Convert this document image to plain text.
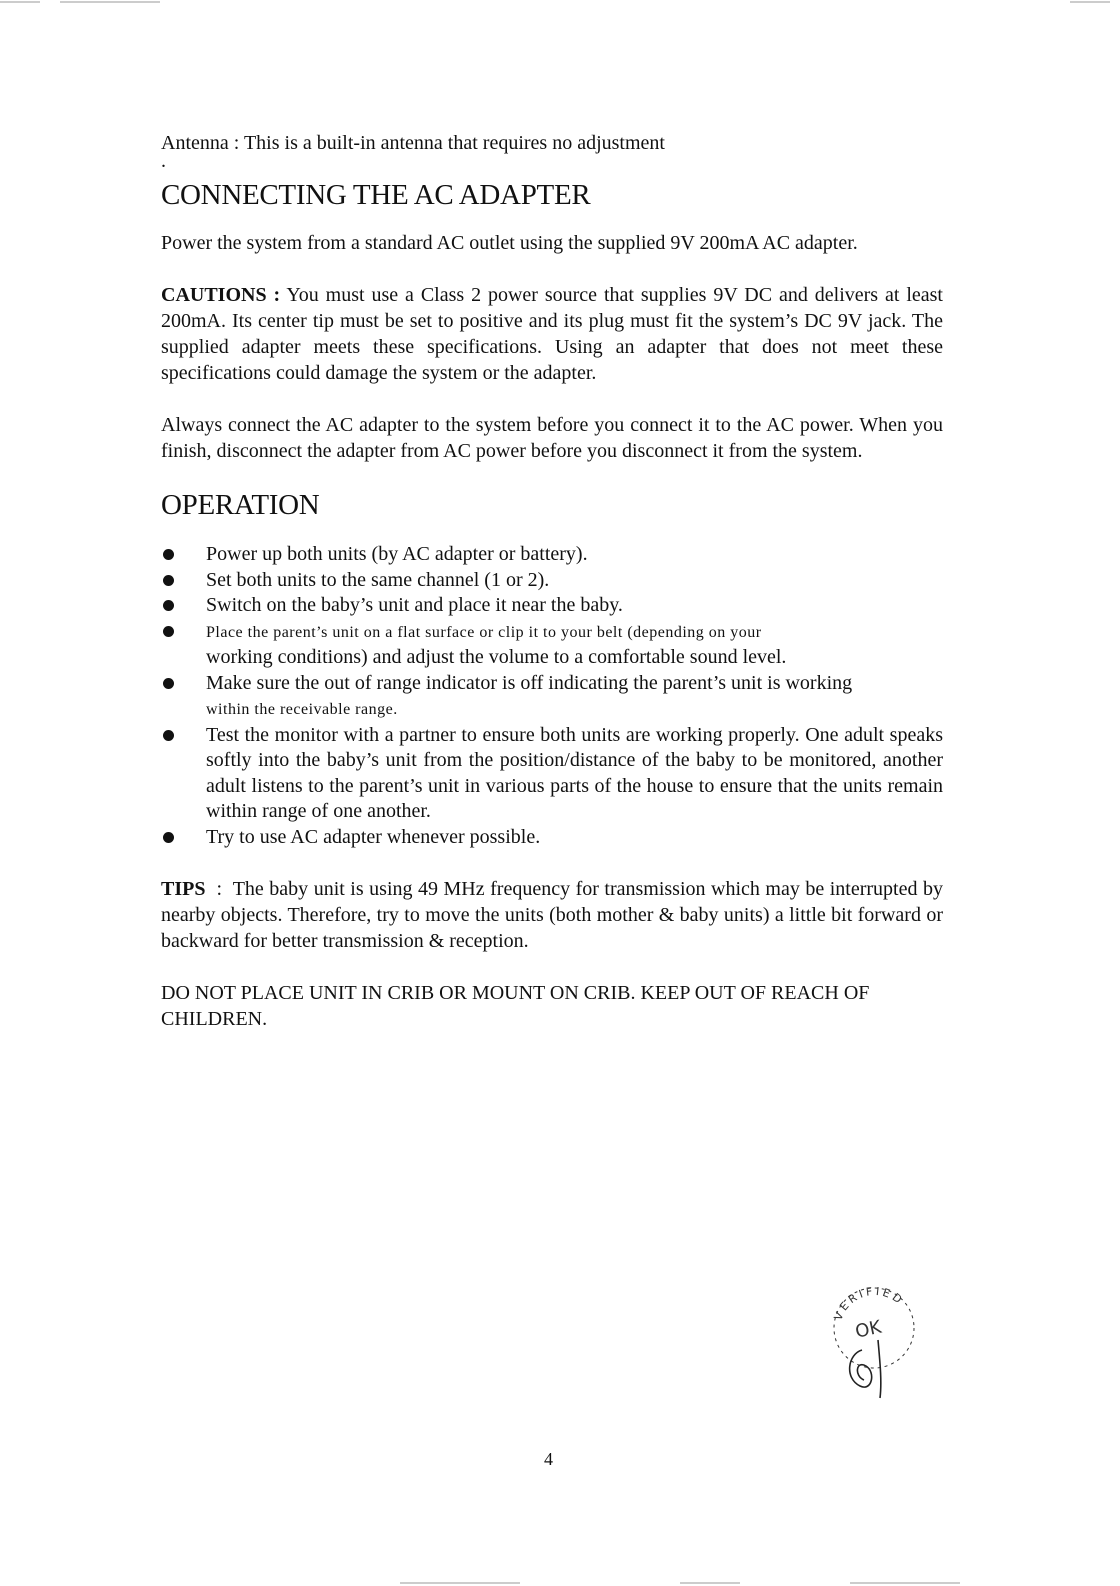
Antenna : This is a built-in antenna that requires no adjustment

.

CONNECTING THE AC ADAPTER

Power the system from a standard AC outlet using the supplied 9V 200mA AC adapter.

CAUTIONS : You must use a Class 2 power source that supplies 9V DC and delivers at least 200mA. Its center tip must be set to positive and its plug must fit the system’s DC 9V jack. The supplied adapter meets these specifications. Using an adapter that does not meet these specifications could damage the system or the adapter.

Always connect the AC adapter to the system before you connect it to the AC power. When you finish, disconnect the adapter from AC power before you disconnect it from the system.

OPERATION
Power up both units (by AC adapter or battery).
Set both units to the same channel (1 or 2).
Switch on the baby’s unit and place it near the baby.
Place the parent’s unit on a flat surface or clip it to your belt (depending on your
working conditions) and adjust the volume to a comfortable sound level.
Make sure the out of range indicator is off indicating the parent’s unit is working
within the receivable range.
Test the monitor with a partner to ensure both units are working properly. One adult speaks softly into the baby’s unit from the position/distance of the baby to be monitored, another adult listens to the parent’s unit in various parts of the house to ensure that the units remain within range of one another.
Try to use AC adapter whenever possible.

TIPS  :  The baby unit is using 49 MHz frequency for transmission which may be interrupted by nearby objects. Therefore, try to move the units (both mother & baby units) a little bit forward or backward for better transmission & reception.

DO NOT PLACE UNIT IN CRIB OR MOUNT ON CRIB. KEEP OUT OF REACH OF CHILDREN.

VERIFIED
OK
4
